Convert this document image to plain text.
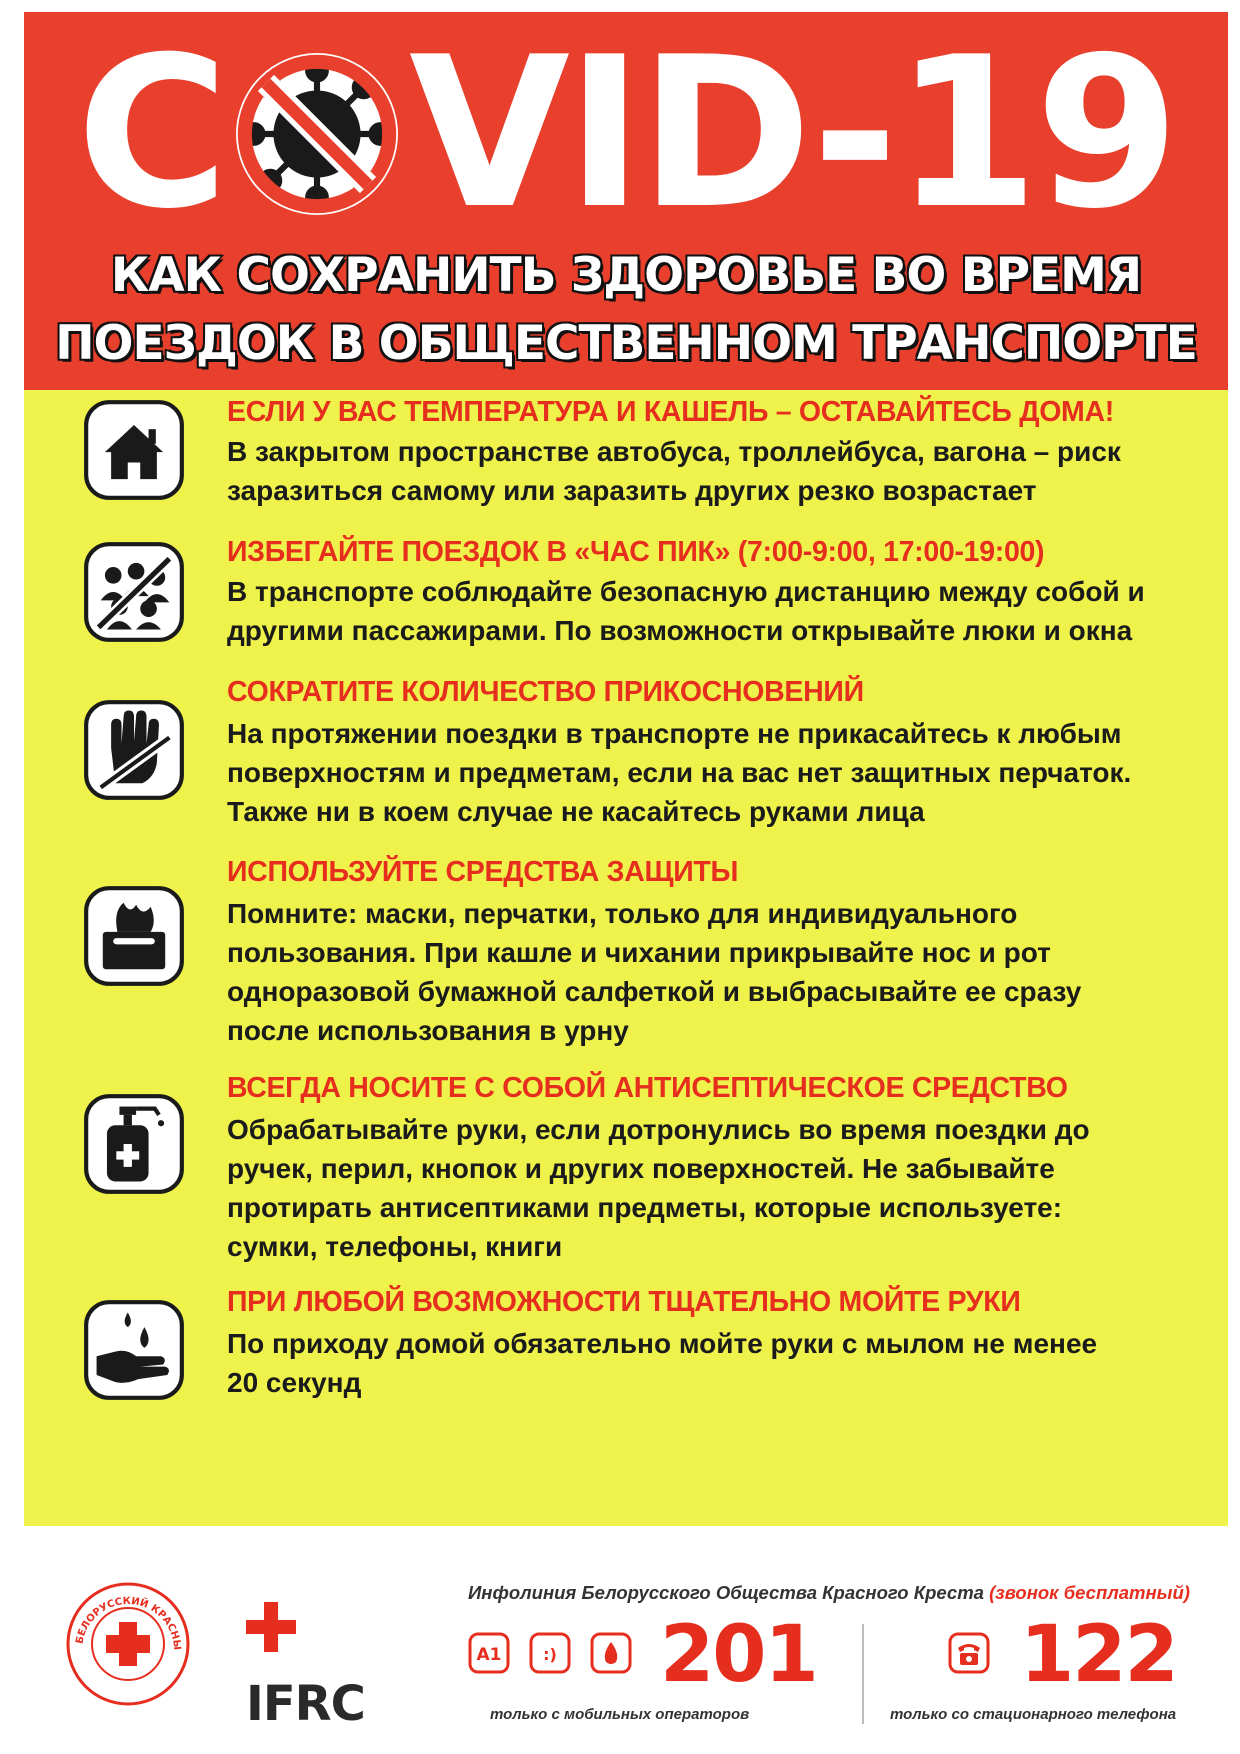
C VID-19
КАК СОХРАНИТЬ ЗДОРОВЬЕ ВО ВРЕМЯ
ПОЕЗДОК В ОБЩЕСТВЕННОМ ТРАНСПОРТЕ
ЕСЛИ У ВАС ТЕМПЕРАТУРА И КАШЕЛЬ – ОСТАВАЙТЕСЬ ДОМА!
В закрытом пространстве автобуса, троллейбуса, вагона – риск
заразиться самому или заразить других резко возрастает
ИЗБЕГАЙТЕ ПОЕЗДОК В «ЧАС ПИК» (7:00-9:00, 17:00-19:00)
В транспорте соблюдайте безопасную дистанцию между собой и
другими пассажирами. По возможности открывайте люки и окна
СОКРАТИТЕ КОЛИЧЕСТВО ПРИКОСНОВЕНИЙ
На протяжении поездки в транспорте не прикасайтесь к любым
поверхностям и предметам, если на вас нет защитных перчаток.
Также ни в коем случае не касайтесь руками лица
ИСПОЛЬЗУЙТЕ СРЕДСТВА ЗАЩИТЫ
Помните: маски, перчатки, только для индивидуального
пользования. При кашле и чихании прикрывайте нос и рот
одноразовой бумажной салфеткой и выбрасывайте ее сразу
после использования в урну
ВСЕГДА НОСИТЕ С СОБОЙ АНТИСЕПТИЧЕСКОЕ СРЕДСТВО
Обрабатывайте руки, если дотронулись во время поездки до
ручек, перил, кнопок и других поверхностей. Не забывайте
протирать антисептиками предметы, которые используете:
сумки, телефоны, книги
ПРИ ЛЮБОЙ ВОЗМОЖНОСТИ ТЩАТЕЛЬНО МОЙТЕ РУКИ
По приходу домой обязательно мойте руки с мылом не менее
20 секунд
БЕЛОРУССКИЙ КРАСНЫ
IFRC
Инфолиния Белорусского Общества Красного Креста (звонок бесплатный)
A1
	:)
201
только с мобильных операторов
122
только со стационарного телефона
